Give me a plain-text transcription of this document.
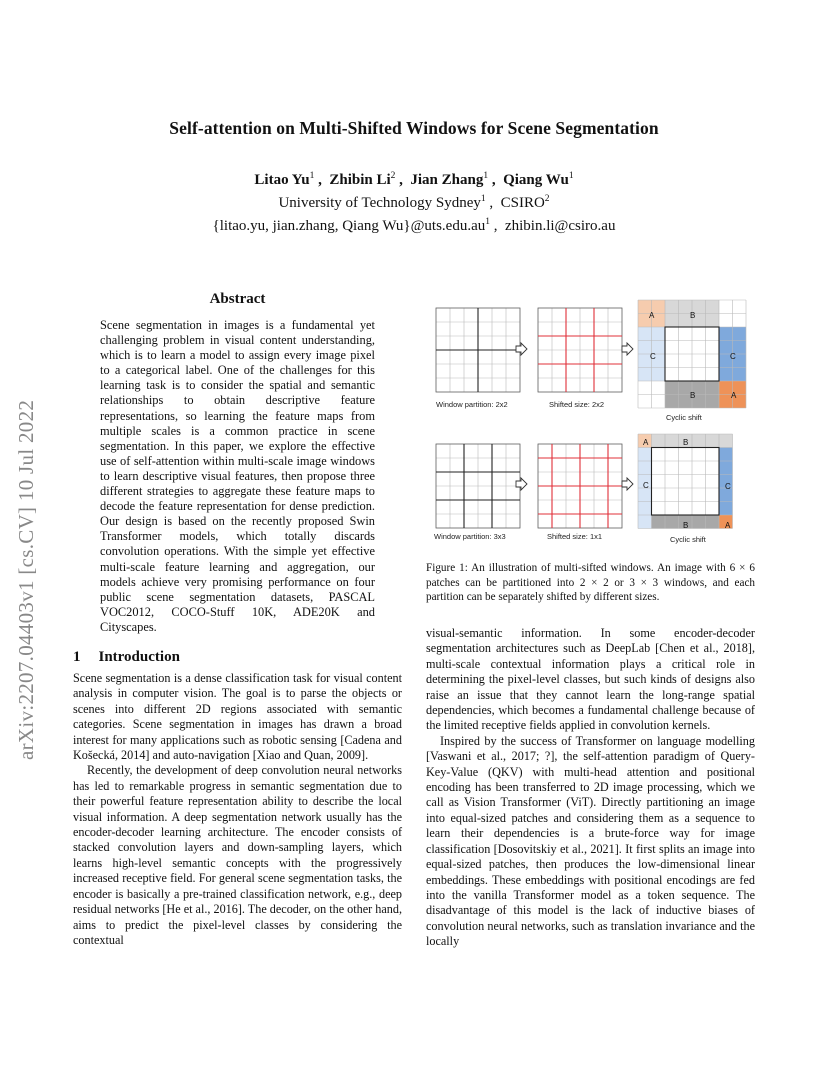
Self-attention on Multi-Shifted Windows for Scene Segmentation
Litao Yu$^1$ ,  Zhibin Li$^2$ ,  Jian Zhang$^1$ ,  Qiang Wu$^1$
University of Technology Sydney$^1$ ,  CSIRO$^2$
{litao.yu, jian.zhang, Qiang $Wu\}@uts.edu.au^1$ ,  zhibin.li@csiro.au
arXiv:2207.04403v1 [cs.CV] 10 Jul 2022
Abstract

Scene segmentation in images is a fundamental yet challenging problem in visual content understanding, which is to learn a model to assign every image pixel to a categorical label. One of the challenges for this learning task is to consider the spatial and semantic relationships to obtain descriptive feature representations, so learning the feature maps from multiple scales is a common practice in scene segmentation. In this paper, we explore the effective use of self-attention within multi-scale image windows to learn descriptive visual features, then propose three different strategies to aggregate these feature maps to decode the feature representation for dense prediction. Our design is based on the recently proposed Swin Transformer models, which totally discards convolution operations. With the simple yet effective multi-scale feature learning and aggregation, our models achieve very promising performance on four public scene segmentation datasets, PASCAL VOC2012, COCO-Stuff 10K, ADE20K and Cityscapes.

1 Introduction

Scene segmentation is a dense classification task for visual content analysis in computer vision. The goal is to parse the objects or scenes into different 2D regions associated with semantic categories. Scene segmentation in images has drawn a broad interest for many applications such as robotic sensing [Cadena and Košecká, 2014] and auto-navigation [Xiao and Quan, 2009].

Recently, the development of deep convolution neural networks has led to remarkable progress in semantic segmentation due to their powerful feature representation ability to describe the local visual information. A deep segmentation network usually has the encoder-decoder learning architecture. The encoder consists of stacked convolution layers and down-sampling layers, which learns high-level semantic concepts with the progressively increased receptive field. For general scene segmentation tasks, the encoder is basically a pre-trained classification network, e.g., deep residual networks [He et al., 2016]. The decoder, on the other hand, aims to predict the pixel-level classes by considering the contextual

Figure 1: An illustration of multi-sifted windows. An image with 6 × 6 patches can be partitioned into 2 × 2 or 3 × 3 windows, and each partition can be separately shifted by different sizes.

visual-semantic information. In some encoder-decoder segmentation architectures such as DeepLab [Chen et al., 2018], multi-scale contextual information plays a critical role in determining the pixel-level classes, but such kinds of designs also raise an issue that they cannot learn the long-range spatial dependencies, which becomes a fundamental challenge because of the limited receptive fields applied in convolution kernels.

Inspired by the success of Transformer on language modelling [Vaswani et al., 2017; ?], the self-attention paradigm of Query-Key-Value (QKV) with multi-head attention and positional encoding has been transferred to 2D image processing, which we call as Vision Transformer (ViT). Directly partitioning an image into equal-sized patches and considering them as a sequence to learn their dependencies is a brute-force way for image classification [Dosovitskiy et al., 2021]. It first splits an image into equal-sized patches, then produces the low-dimensional linear embeddings. These embeddings with positional encodings are fed into the vanilla Transformer model as a token sequence. The disadvantage of this model is the lack of inductive biases of convolution neural networks, such as translation invariance and the locally

Window partition: 2x2	Shifted size: 2x2
Cyclic shift
Window partition: 3x3	Shifted size: 1x1	Cyclic shift
A	B
C	C
B	A
A	B
C	C
B	A
